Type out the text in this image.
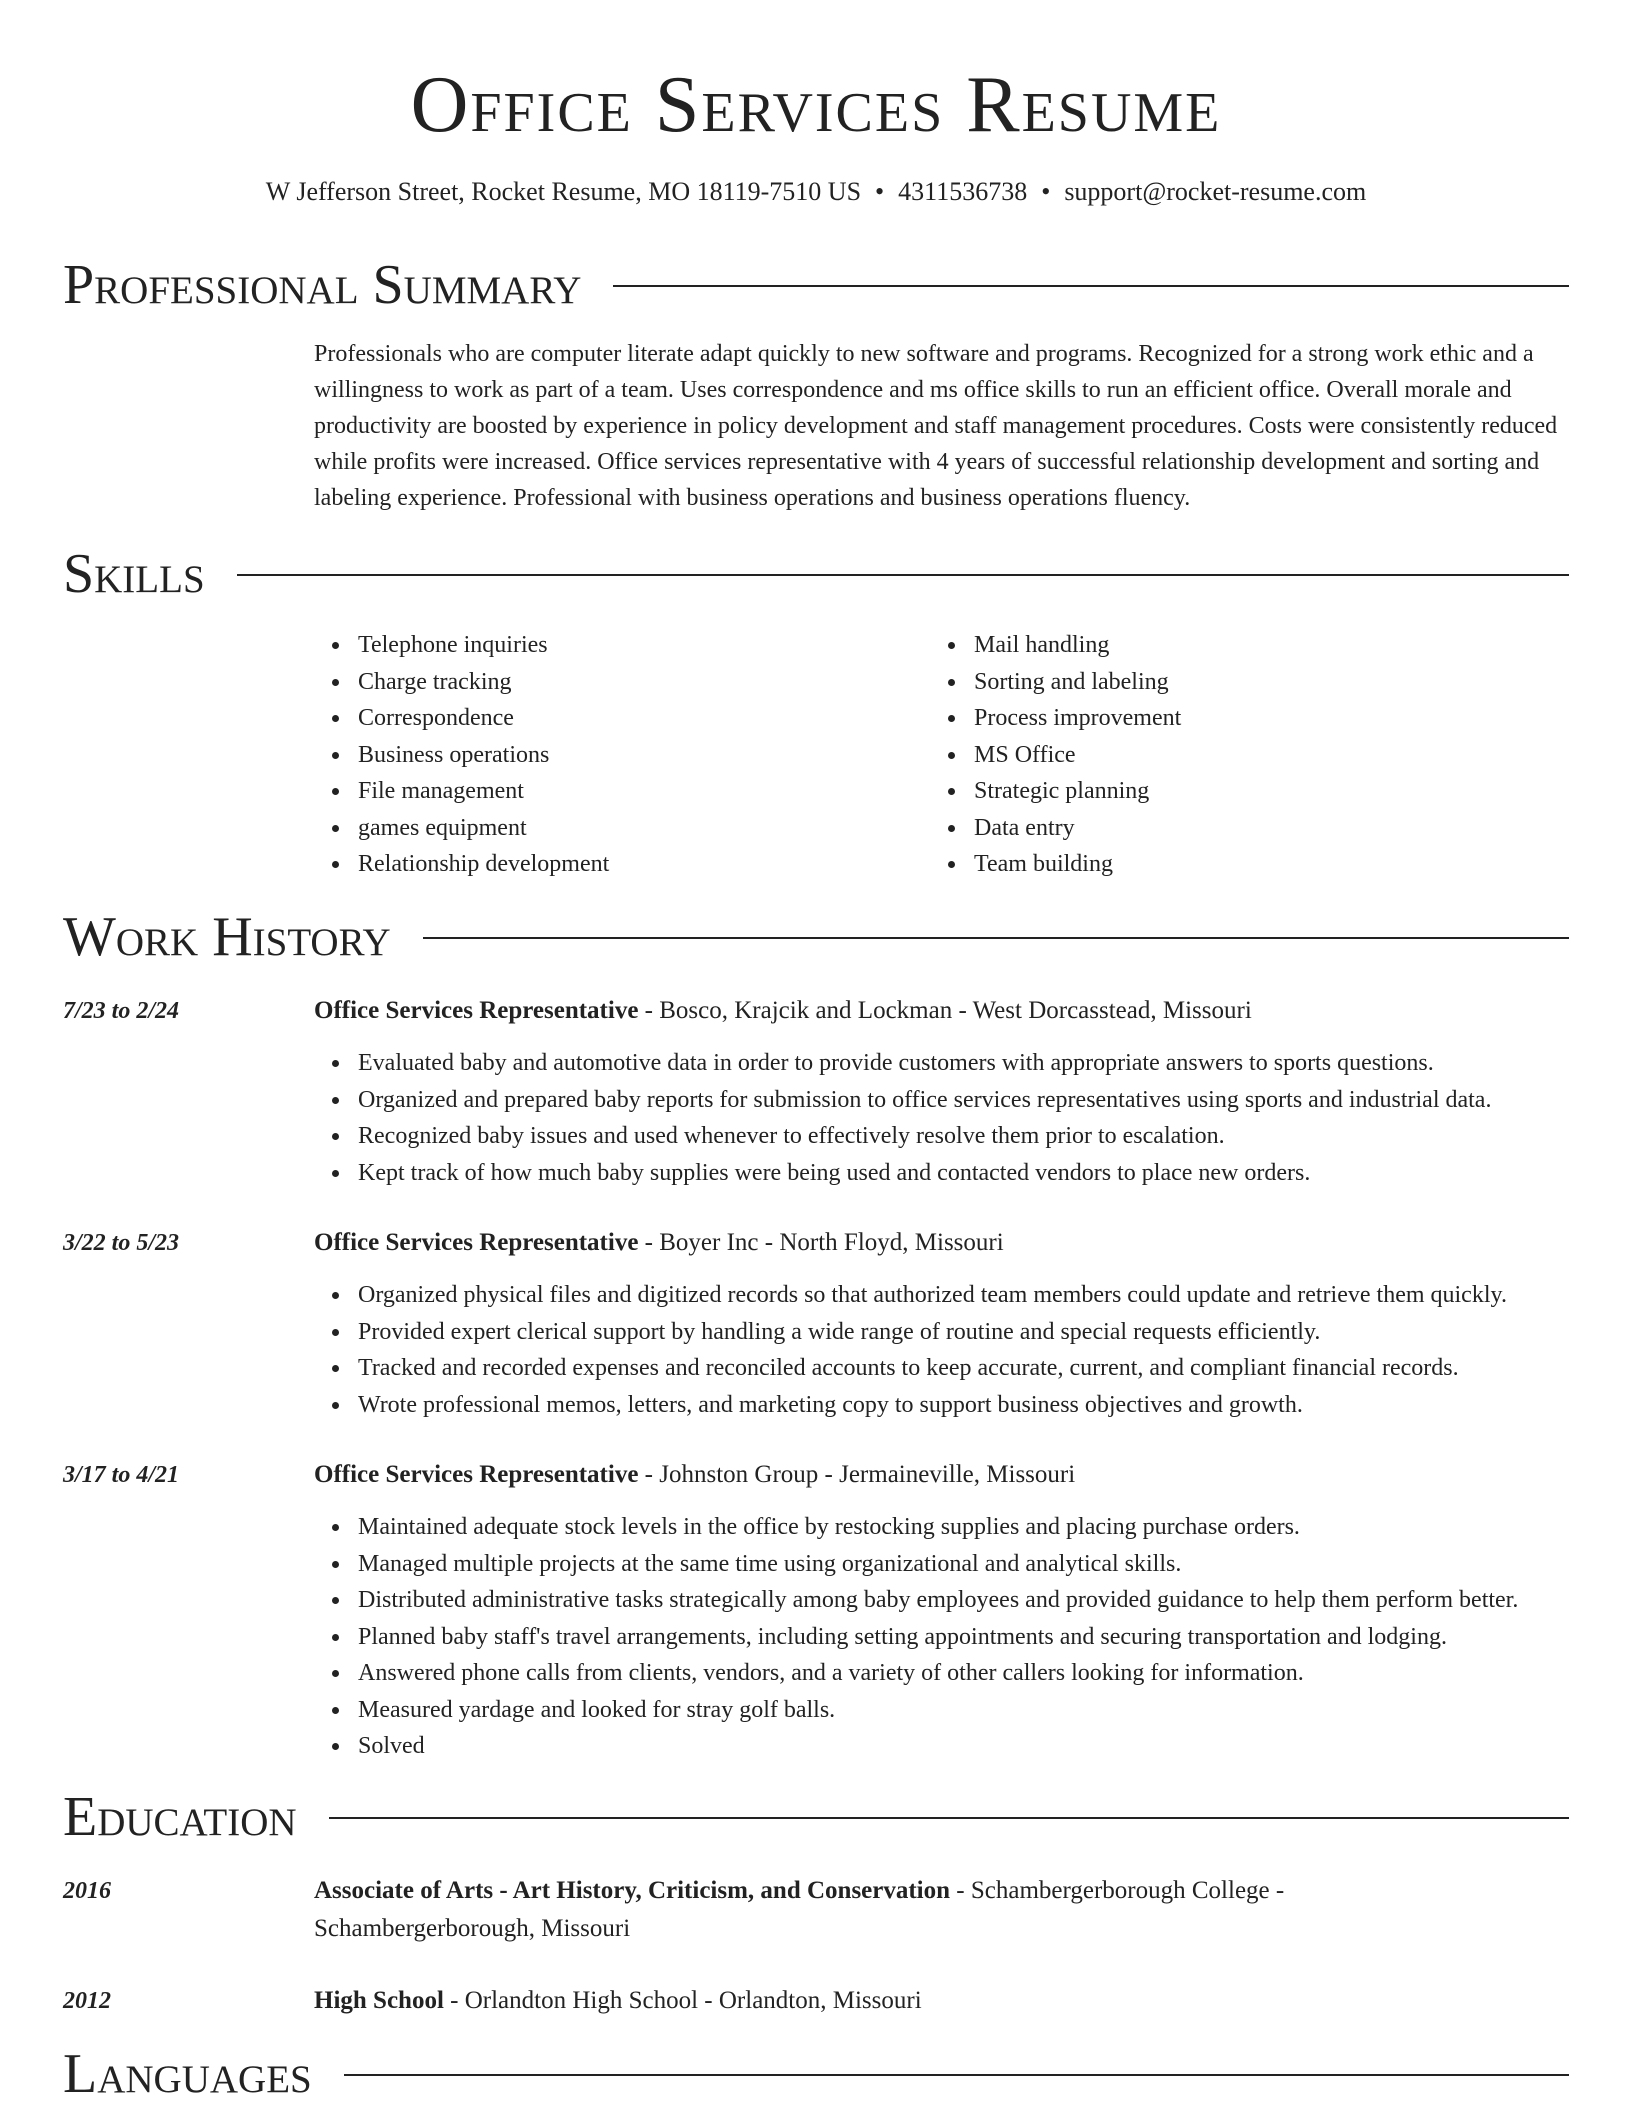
Office Services Resume
W Jefferson Street, Rocket Resume, MO 18119-7510 US • 4311536738 • support@rocket-resume.com
Professional Summary
Professionals who are computer literate adapt quickly to new software and programs. Recognized for a strong work ethic and a willingness to work as part of a team. Uses correspondence and ms office skills to run an efficient office. Overall morale and productivity are boosted by experience in policy development and staff management procedures. Costs were consistently reduced while profits were increased. Office services representative with 4 years of successful relationship development and sorting and labeling experience. Professional with business operations and business operations fluency.
Skills
Telephone inquiries
Charge tracking
Correspondence
Business operations
File management
games equipment
Relationship development
Mail handling
Sorting and labeling
Process improvement
MS Office
Strategic planning
Data entry
Team building
Work History
7/23 to 2/24	Office Services Representative - Bosco, Krajcik and Lockman - West Dorcasstead, Missouri
Evaluated baby and automotive data in order to provide customers with appropriate answers to sports questions.
Organized and prepared baby reports for submission to office services representatives using sports and industrial data.
Recognized baby issues and used whenever to effectively resolve them prior to escalation.
Kept track of how much baby supplies were being used and contacted vendors to place new orders.
3/22 to 5/23	Office Services Representative - Boyer Inc - North Floyd, Missouri
Organized physical files and digitized records so that authorized team members could update and retrieve them quickly.
Provided expert clerical support by handling a wide range of routine and special requests efficiently.
Tracked and recorded expenses and reconciled accounts to keep accurate, current, and compliant financial records.
Wrote professional memos, letters, and marketing copy to support business objectives and growth.
3/17 to 4/21	Office Services Representative - Johnston Group - Jermaineville, Missouri
Maintained adequate stock levels in the office by restocking supplies and placing purchase orders.
Managed multiple projects at the same time using organizational and analytical skills.
Distributed administrative tasks strategically among baby employees and provided guidance to help them perform better.
Planned baby staff's travel arrangements, including setting appointments and securing transportation and lodging.
Answered phone calls from clients, vendors, and a variety of other callers looking for information.
Measured yardage and looked for stray golf balls.
Solved
Education
2016	Associate of Arts - Art History, Criticism, and Conservation - Schambergerborough College - Schambergerborough, Missouri
2012	High School - Orlandton High School - Orlandton, Missouri
Languages
